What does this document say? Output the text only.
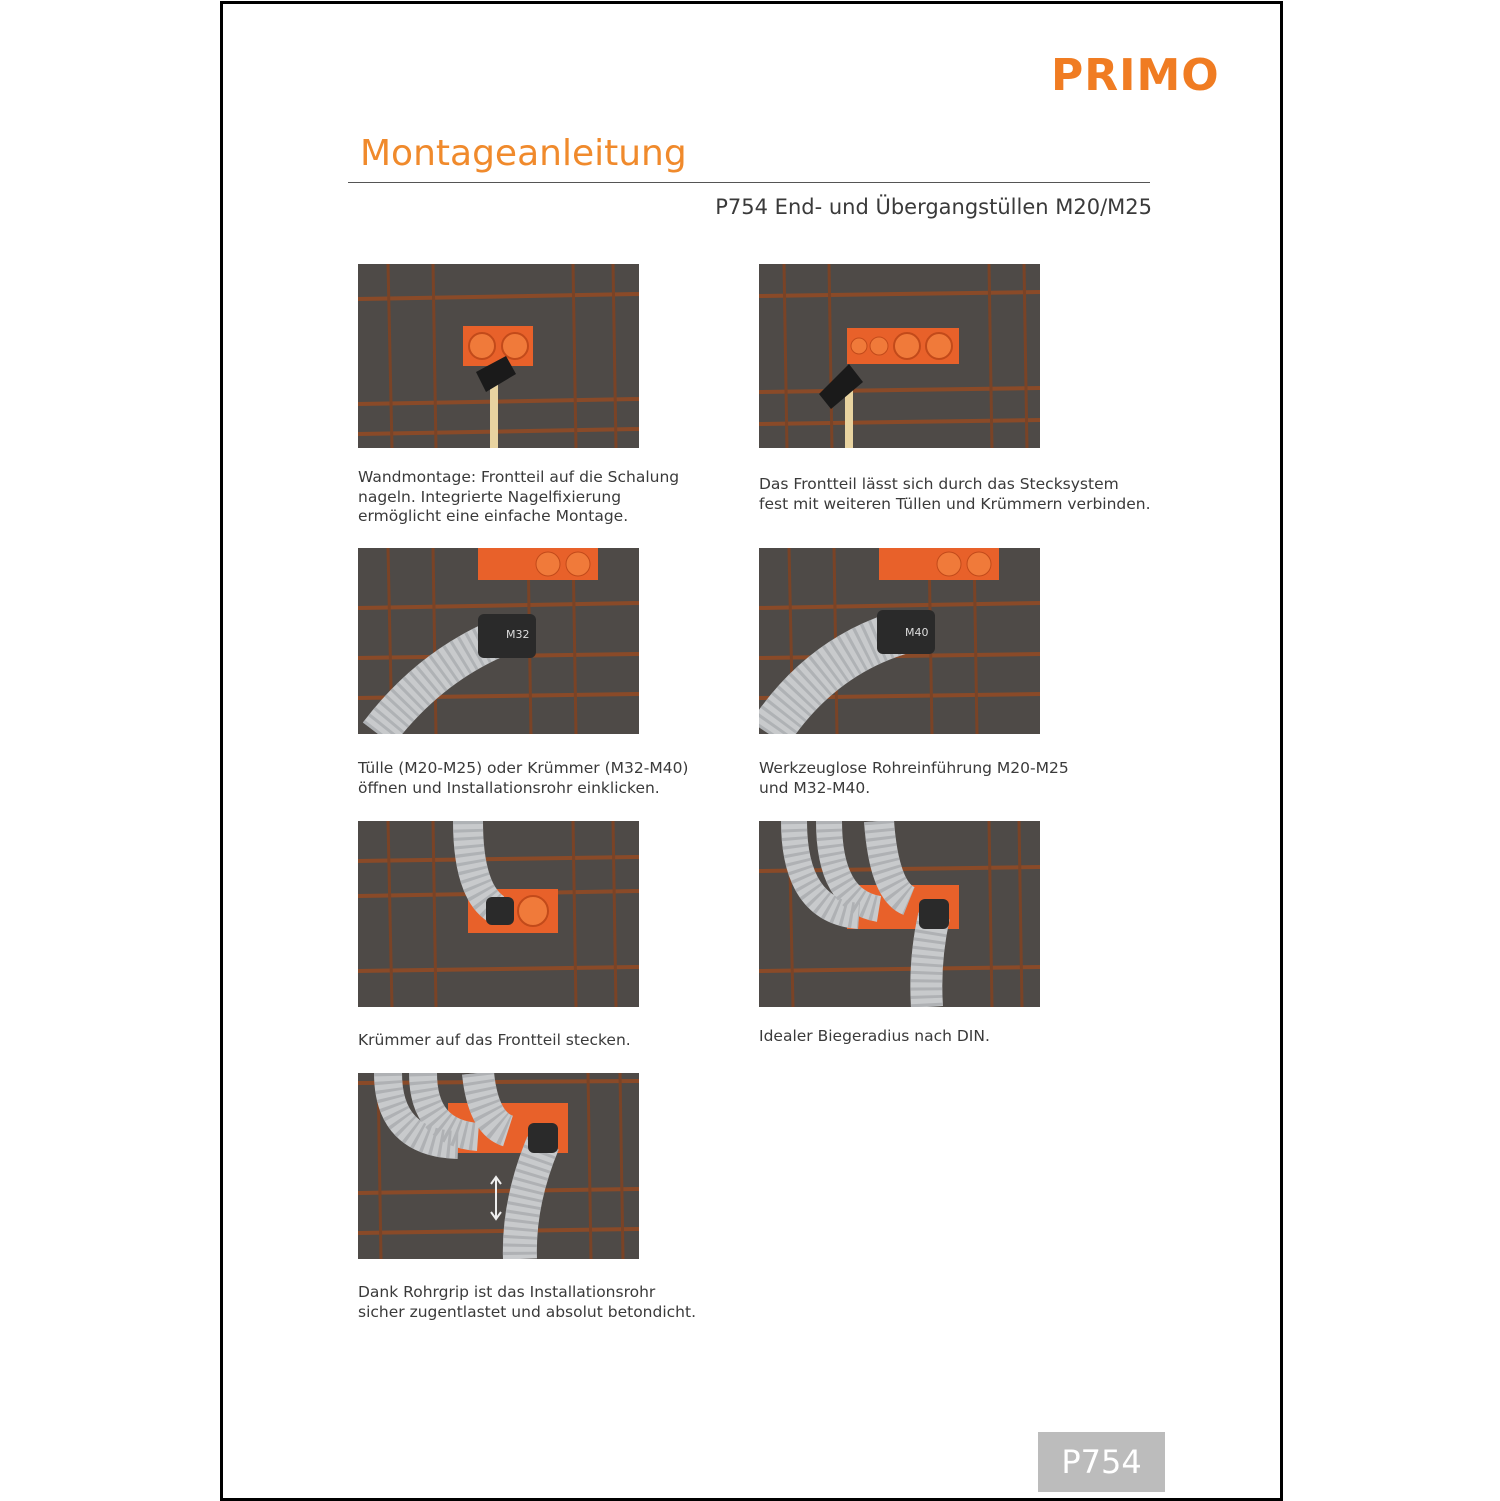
PRIMO
Montageanleitung
P754 End- und Übergangstüllen M20/M25
Wandmontage: Frontteil auf die Schalung
nageln. Integrierte Nagelfixierung
ermöglicht eine einfache Montage.
Das Frontteil lässt sich durch das Stecksystem
fest mit weiteren Tüllen und Krümmern verbinden.
M32
Tülle (M20-M25) oder Krümmer (M32-M40)
öffnen und Installationsrohr einklicken.
M40
Werkzeuglose Rohreinführung M20-M25
und M32-M40.
Krümmer auf das Frontteil stecken.	Idealer Biegeradius nach DIN.
Dank Rohrgrip ist das Installationsrohr
sicher zugentlastet und absolut betondicht.
P754
